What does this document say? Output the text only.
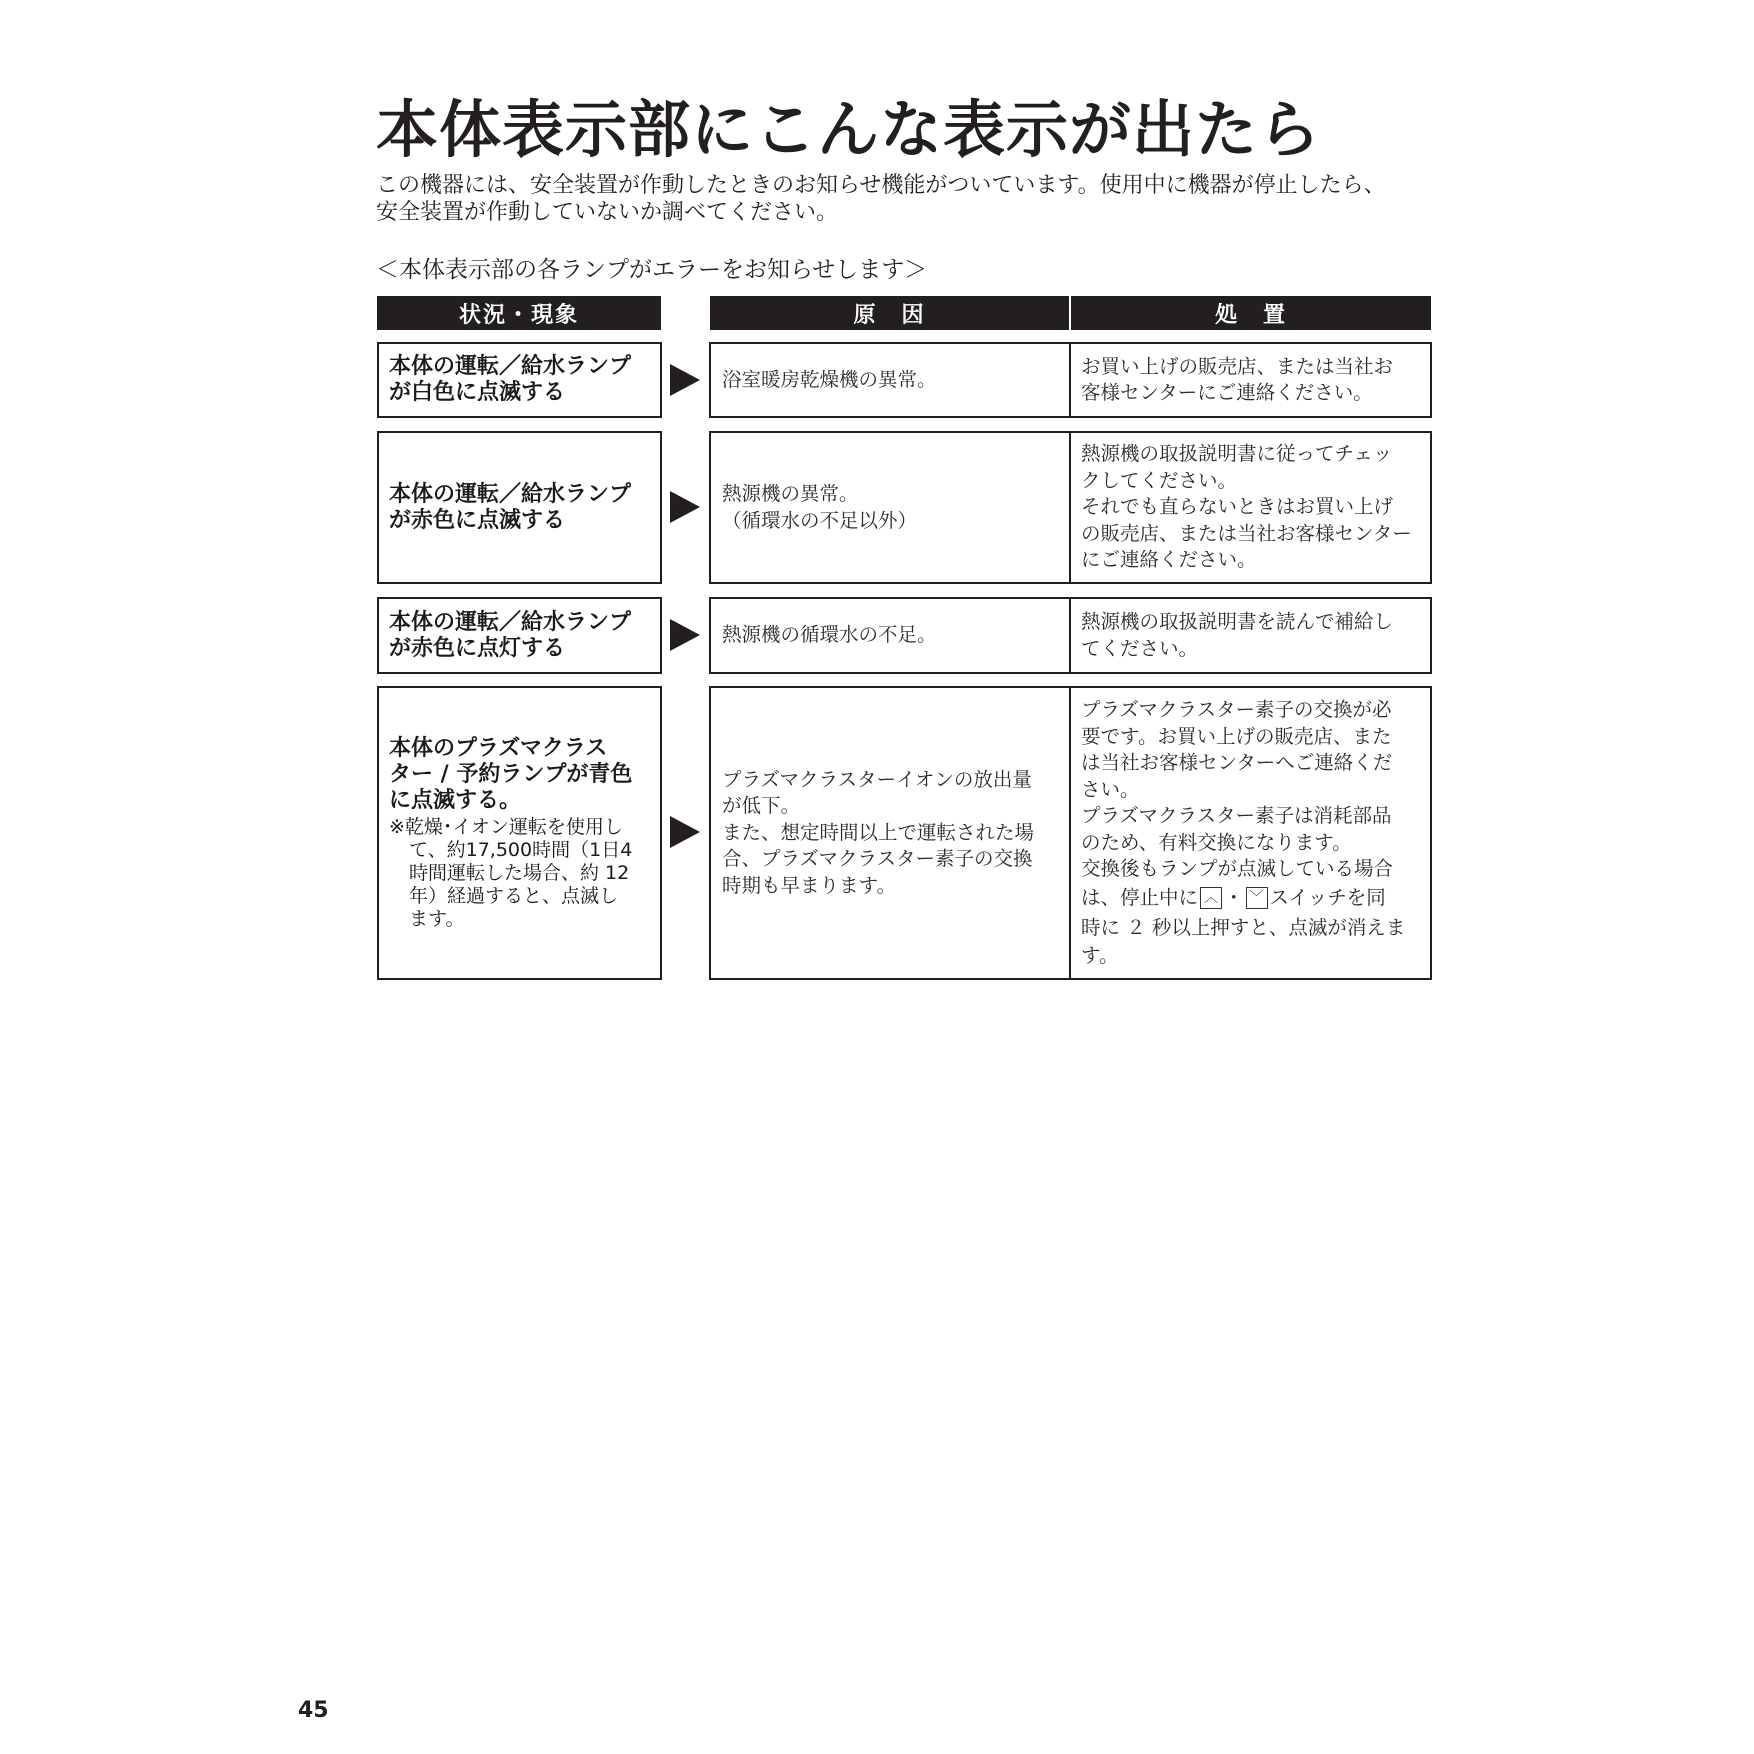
本体表示部にこんな表示が出たら

この機器には、安全装置が作動したときのお知らせ機能がついています。使用中に機器が停止したら、
安全装置が作動していないか調べてください。

＜本体表示部の各ランプがエラーをお知らせします＞

状況・現象	原　因	処　置
本体の運転／給水ランプ
が白色に点滅する
浴室暖房乾燥機の異常。
お買い上げの販売店、または当社お
客様センターにご連絡ください。
本体の運転／給水ランプ
が赤色に点滅する
熱源機の異常。
（循環水の不足以外）
熱源機の取扱説明書に従ってチェッ
クしてください。
それでも直らないときはお買い上げ
の販売店、または当社お客様センター
にご連絡ください。
本体の運転／給水ランプ
が赤色に点灯する
熱源機の循環水の不足。
熱源機の取扱説明書を読んで補給し
てください。
本体のプラズマクラス
ター / 予約ランプが青色
に点滅する。
※乾燥･イオン運転を使用し
て、約17,500時間（1日4
時間運転した場合、約 12
年）経過すると、点滅し
ます。
プラズマクラスターイオンの放出量
が低下。
また、想定時間以上で運転された場
合、プラズマクラスター素子の交換
時期も早まります。
プラズマクラスター素子の交換が必
要です。お買い上げの販売店、また
は当社お客様センターへご連絡くだ
さい。
プラズマクラスター素子は消耗部品
のため、有料交換になります。
交換後もランプが点滅している場合
は、停止中に ︿ ・ ﹀ スイッチを同
時に ２ 秒以上押すと、点滅が消えま
す。
45
